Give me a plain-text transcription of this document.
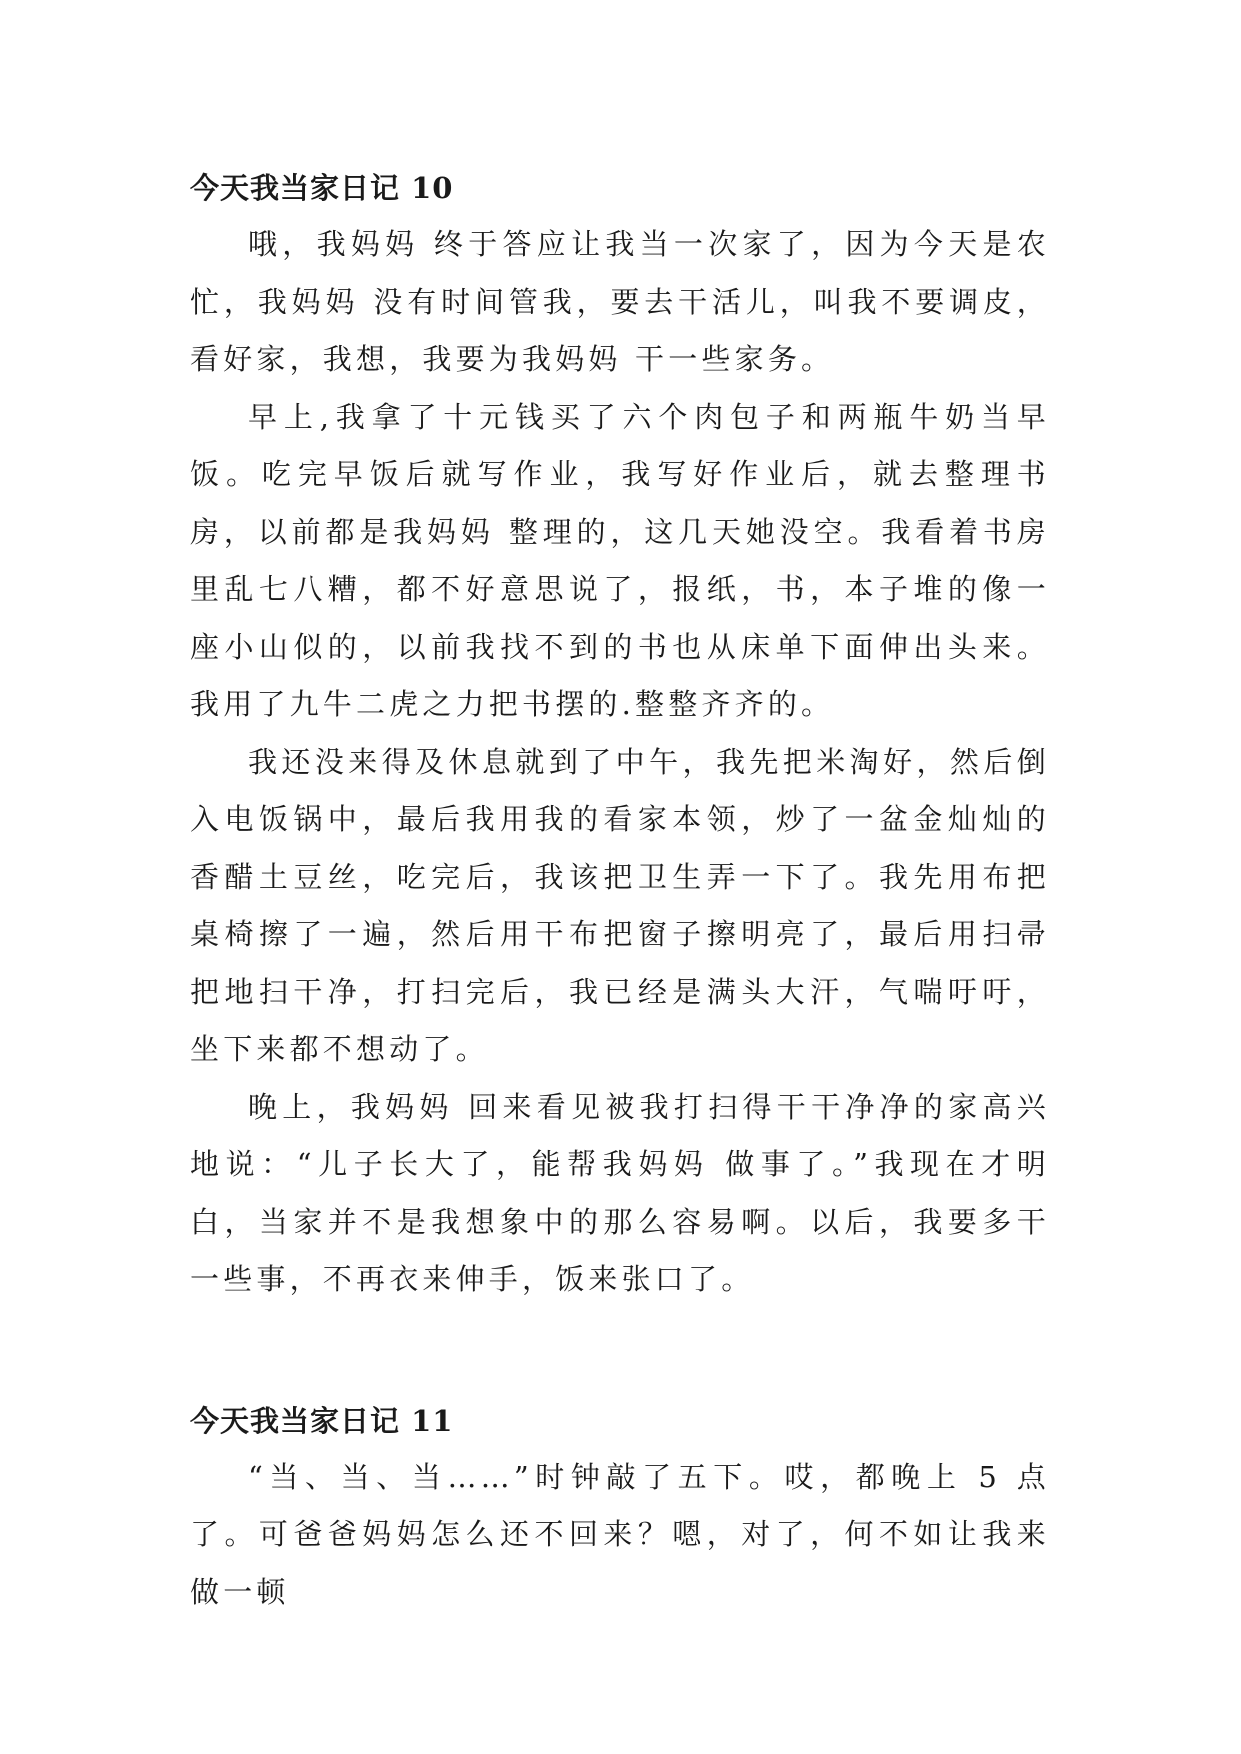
今天我当家日记 10

哦，我妈妈 终于答应让我当一次家了，因为今天是农忙，我妈妈 没有时间管我，要去干活儿，叫我不要调皮，看好家，我想，我要为我妈妈 干一些家务。

早上,我拿了十元钱买了六个肉包子和两瓶牛奶当早饭。吃完早饭后就写作业，我写好作业后，就去整理书房，以前都是我妈妈 整理的，这几天她没空。我看着书房里乱七八糟，都不好意思说了，报纸，书，本子堆的像一座小山似的，以前我找不到的书也从床单下面伸出头来。我用了九牛二虎之力把书摆的.整整齐齐的。

我还没来得及休息就到了中午，我先把米淘好，然后倒入电饭锅中，最后我用我的看家本领，炒了一盆金灿灿的香醋土豆丝，吃完后，我该把卫生弄一下了。我先用布把桌椅擦了一遍，然后用干布把窗子擦明亮了，最后用扫帚把地扫干净，打扫完后，我已经是满头大汗，气喘吁吁，坐下来都不想动了。

晚上，我妈妈 回来看见被我打扫得干干净净的家高兴地说：“儿子长大了，能帮我妈妈 做事了。”我现在才明白，当家并不是我想象中的那么容易啊。以后，我要多干一些事，不再衣来伸手，饭来张口了。

今天我当家日记 11

“当、当、当……”时钟敲了五下。哎，都晚上 5 点了。可爸爸妈妈怎么还不回来？嗯，对了，何不如让我来做一顿
